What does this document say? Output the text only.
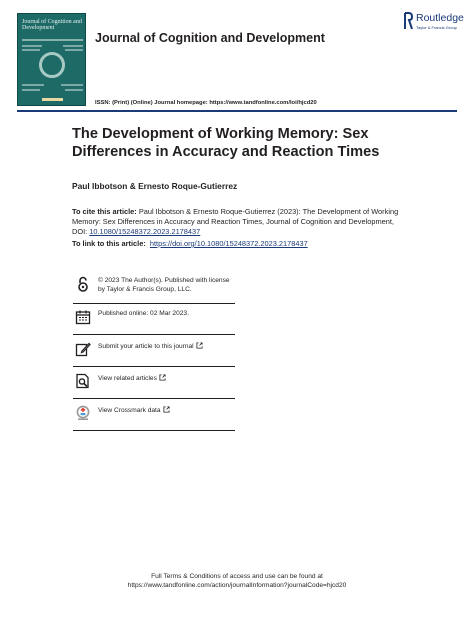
Journal of Cognition and Development
Journal of Cognition and Development
Routledge
Taylor & Francis Group
ISSN: (Print) (Online) Journal homepage: https://www.tandfonline.com/loi/hjcd20
The Development of Working Memory: Sex Differences in Accuracy and Reaction Times
Paul Ibbotson & Ernesto Roque-Gutierrez
To cite this article: Paul Ibbotson & Ernesto Roque-Gutierrez (2023): The Development of Working Memory: Sex Differences in Accuracy and Reaction Times, Journal of Cognition and Development, DOI: 10.1080/15248372.2023.2178437
To link to this article: https://doi.org/10.1080/15248372.2023.2178437
© 2023 The Author(s). Published with license by Taylor & Francis Group, LLC.
Published online: 02 Mar 2023.
Submit your article to this journal
View related articles
View Crossmark data
Full Terms & Conditions of access and use can be found at
https://www.tandfonline.com/action/journalInformation?journalCode=hjcd20
